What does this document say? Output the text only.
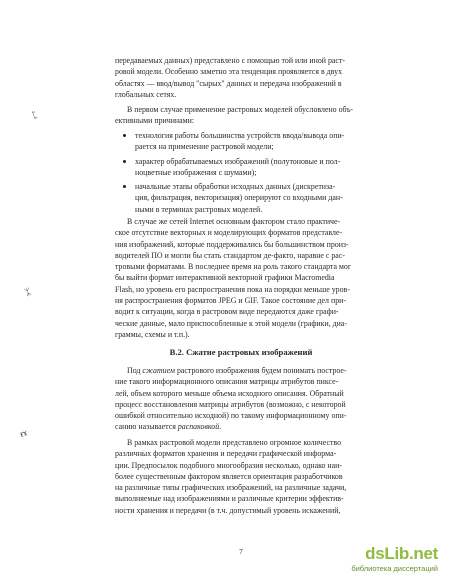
передаваемых данных) представлено с помощью той или иной раст-
ровой модели. Особенно заметно эта тенденция проявляется в двух
областях — ввод/вывод "сырых" данных и передача изображений в
глобальных сетях.
В первом случае применение растровых моделей обусловлено объ-
ективными причинами:
технология работы большинства устройств ввода/вывода опи-
рается на применение растровой модели;
характер обрабатываемых изображений (полутоновые и пол-
ноцветные изображения с шумами);
начальные этапы обработки исходных данных (дискретиза-
ция, фильтрация, векторизация) оперируют со входными дан-
ными в терминах растровых моделей.
В случае же сетей Internet основным фактором стало практиче-
ское отсутствие векторных и моделирующих форматов представле-
ния изображений, которые поддерживались бы большинством произ-
водителей ПО и могли бы стать стандартом де-факто, наравне с рас-
тровыми форматами. В последнее время на роль такого стандарта мог
бы выйти формат интерактивной векторной графики Macromedia
Flash, но уровень его распространения пока на порядки меньше уров-
ня распространения форматов JPEG и GIF. Такое состояние дел при-
водит к ситуации, когда в растровом виде передаются даже графи-
ческие данные, мало приспособленные к этой модели (графики, диа-
граммы, схемы и т.п.).
B.2. Сжатие растровых изображений
Под сжатием растрового изображения будем понимать построе-
ние такого информационного описания матрицы атрибутов пиксе-
лей, объем которого меньше объема исходного описания. Обратный
процесс восстановления матрицы атрибутов (возможно, с некоторой
ошибкой относительно исходной) по такому информационному опи-
санию называется распаковкой.
В рамках растровой модели представлено огромное количество
различных форматов хранения и передачи графической информа-
ции. Предпосылок подобного многообразия несколько, однако наи-
более существенным фактором является ориентация разработчиков
на различные типы графических изображений, на различные задачи,
выполняемые над изображениями и различные критерии эффектив-
ности хранения и передачи (в т.ч. допустимый уровень искажений,
7
ᛈ
ᛯ
ɍɤ
dsLib.net
библиотека диссертаций
